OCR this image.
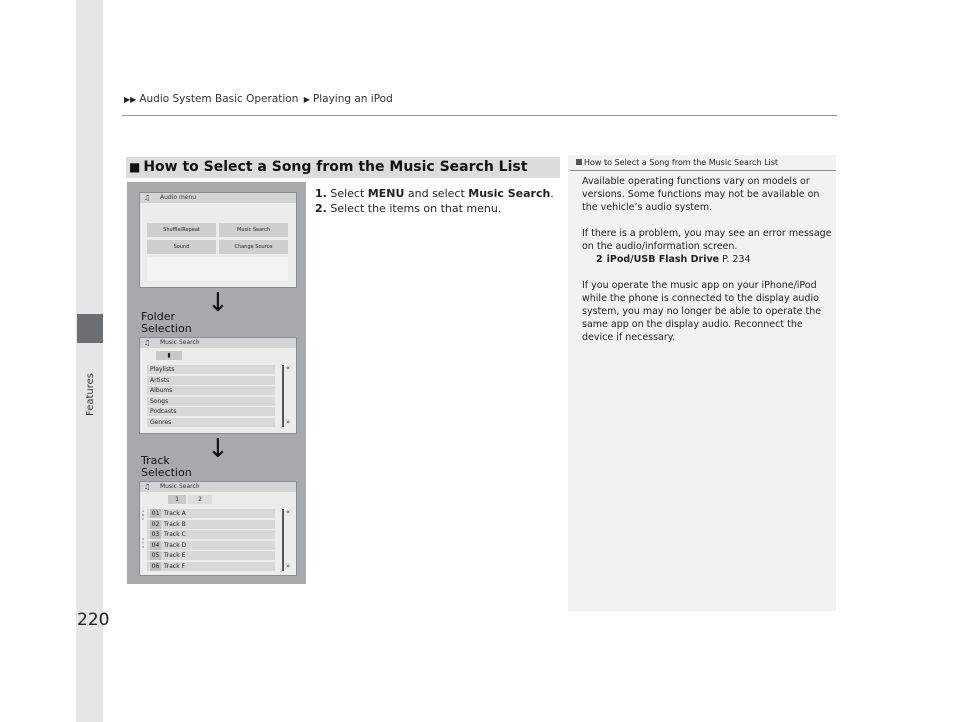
Features
▶▶ Audio System Basic Operation ▶ Playing an iPod
■ How to Select a Song from the Music Search List
♫ Audio menu
Shuffle/Repeat	Music Search
Sound	Change Source
↓
Folder
Selection
♫ Music Search
▮
Playlists
Artists
Albums
Songs
Podcasts
Genres
«
»
↓
Track
Selection
♫ Music Search
1	2
A
B
C

X
Y
Z
01 Track A
02 Track B
03 Track C
04 Track D
05 Track E
06 Track F
«
»
1. Select MENU and select Music Search.
2. Select the items on that menu.
How to Select a Song from the Music Search List

Available operating functions vary on models or versions. Some functions may not be available on the vehicle’s audio system.

If there is a problem, you may see an error message on the audio/information screen.

2 iPod/USB Flash Drive P. 234

If you operate the music app on your iPhone/iPod while the phone is connected to the display audio system, you may no longer be able to operate the same app on the display audio. Reconnect the device if necessary.

220
